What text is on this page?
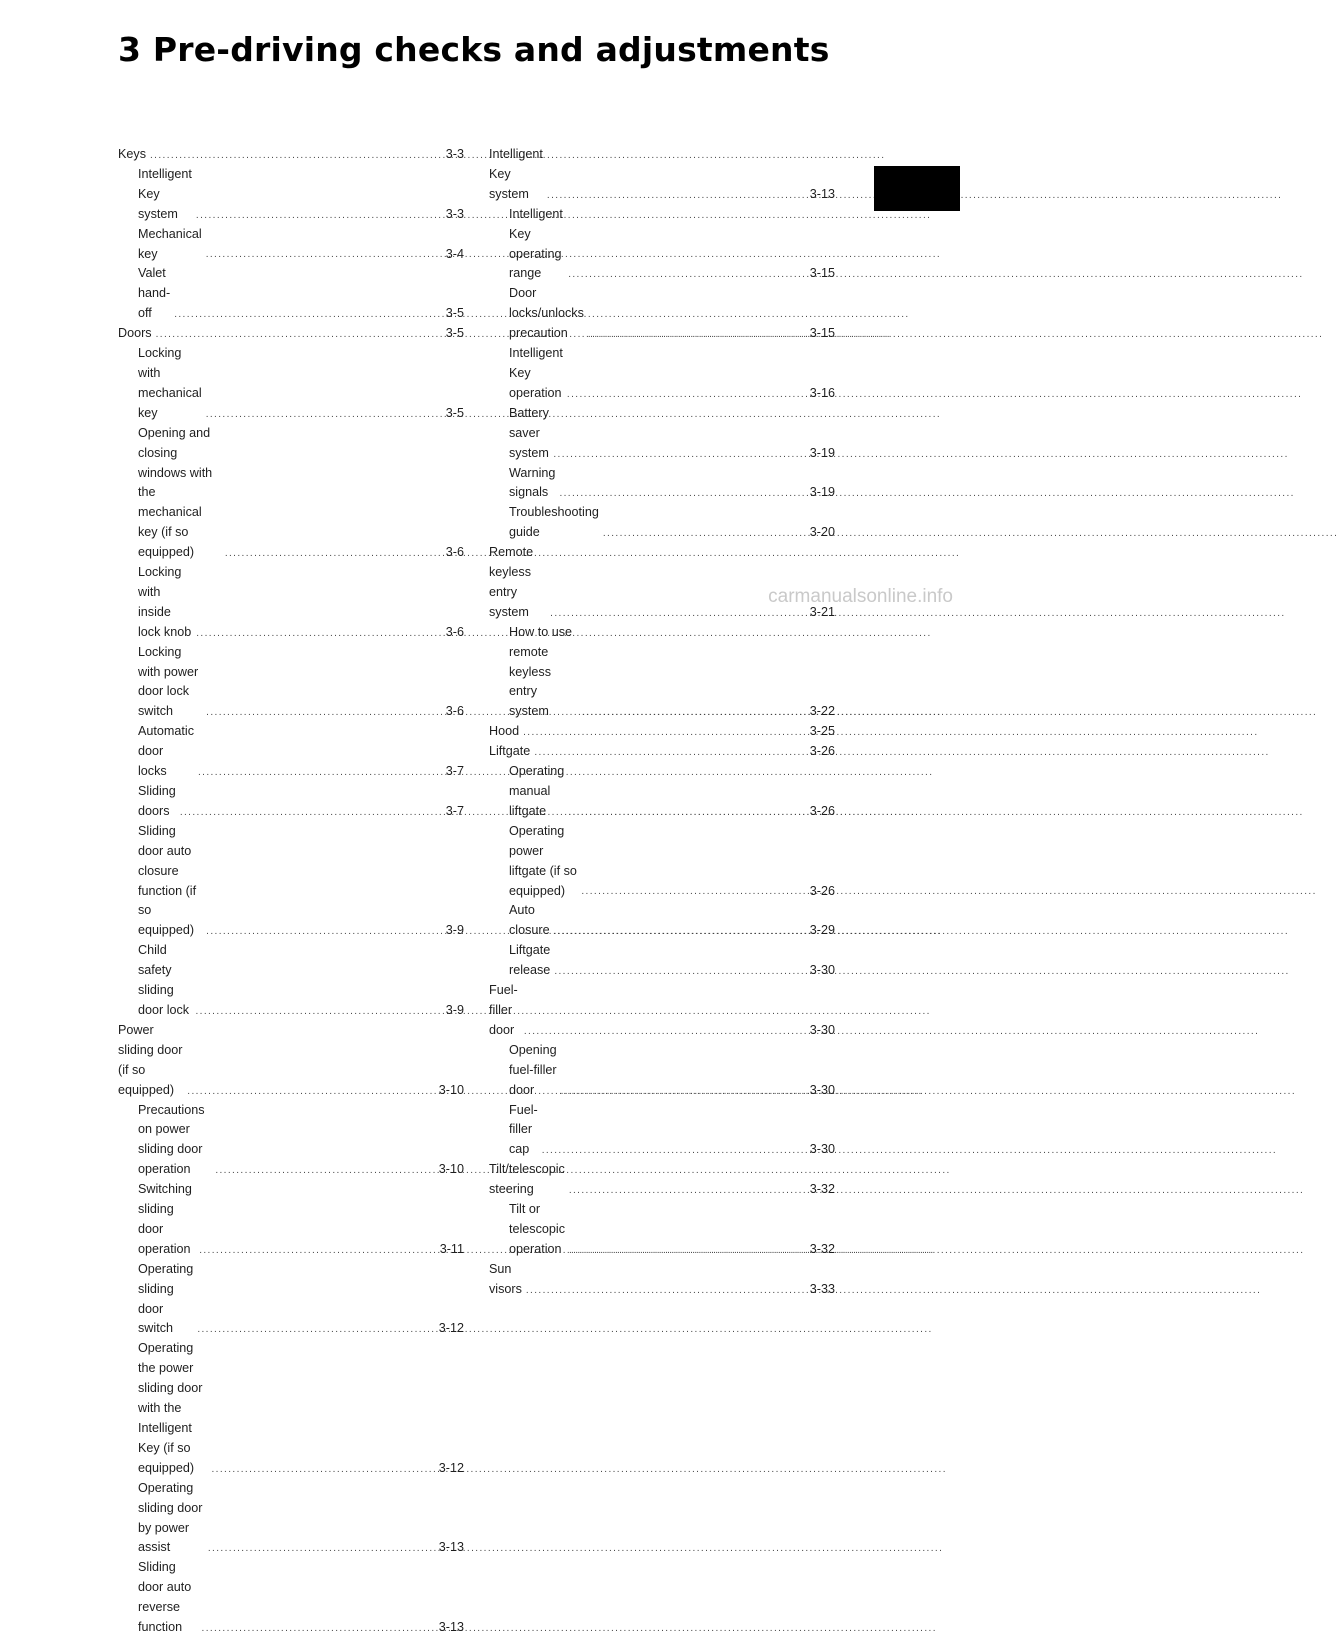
3 Pre-driving checks and adjustments
Keys .....	3-3
Intelligent Key system .....	3-3
Mechanical key .....	3-4
Valet hand-off .....	3-5
Doors .....	3-5
Locking with mechanical key .....	3-5
Opening and closing windows with the mechanical
key (if so equipped) .....	3-6
Locking with inside lock knob .....	3-6
Locking with power door lock switch .....	3-6
Automatic door locks .....	3-7
Sliding doors .....	3-7
Sliding door auto closure function (if
so equipped) .....	3-9
Child safety sliding door lock .....	3-9
Power sliding door (if so equipped) .....	3-10
Precautions on power sliding door operation .....	3-10
Switching sliding door operation .....	3-11
Operating sliding door switch .....	3-12
Operating the power sliding door with the
Intelligent Key (if so equipped) .....	3-12
Operating sliding door by power assist .....	3-13
Sliding door auto reverse function .....	3-13
Intelligent Key system .....	3-13
Intelligent Key operating range .....	3-15
Door locks/unlocks precaution .....	3-15
Intelligent Key operation .....	3-16
Battery saver system .....	3-19
Warning signals .....	3-19
Troubleshooting guide .....	3-20
Remote keyless entry system .....	3-21
How to use remote keyless entry system .....	3-22
Hood .....	3-25
Liftgate .....	3-26
Operating manual liftgate .....	3-26
Operating power liftgate (if so equipped) .....	3-26
Auto closure .....	3-29
Liftgate release .....	3-30
Fuel-filler door .....	3-30
Opening fuel-filler door .....	3-30
Fuel-filler cap .....	3-30
Tilt/telescopic steering .....	3-32
Tilt or telescopic operation .....	3-32
Sun visors .....	3-33
carmanualsonline.info
